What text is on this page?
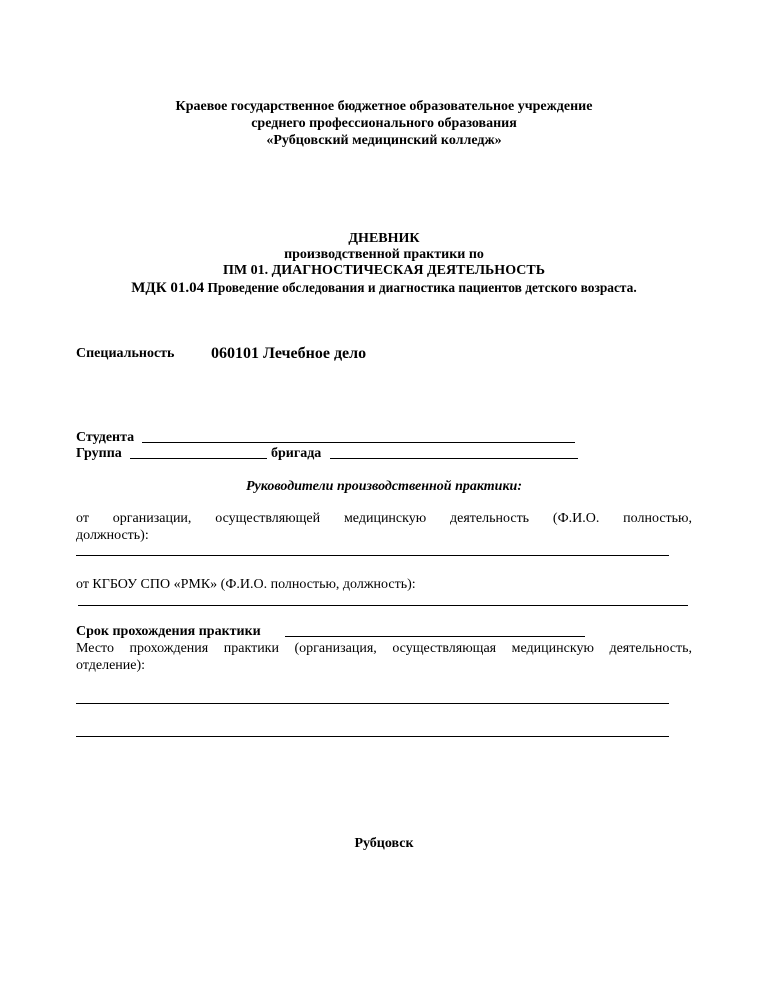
Краевое государственное бюджетное образовательное учреждение
среднего профессионального образования
«Рубцовский медицинский колледж»
ДНЕВНИК
производственной практики по
ПМ 01. ДИАГНОСТИЧЕСКАЯ ДЕЯТЕЛЬНОСТЬ
МДК 01.04 Проведение обследования и диагностика пациентов детского возраста.
Специальность 060101 Лечебное дело
Студента
Группа	бригада
Руководители производственной практики:
от организации, осуществляющей медицинскую деятельность (Ф.И.О. полностью,
должность):
от КГБОУ СПО «РМК» (Ф.И.О. полностью, должность):
Срок прохождения практики
Место прохождения практики (организация, осуществляющая медицинскую деятельность,
отделение):
Рубцовск
